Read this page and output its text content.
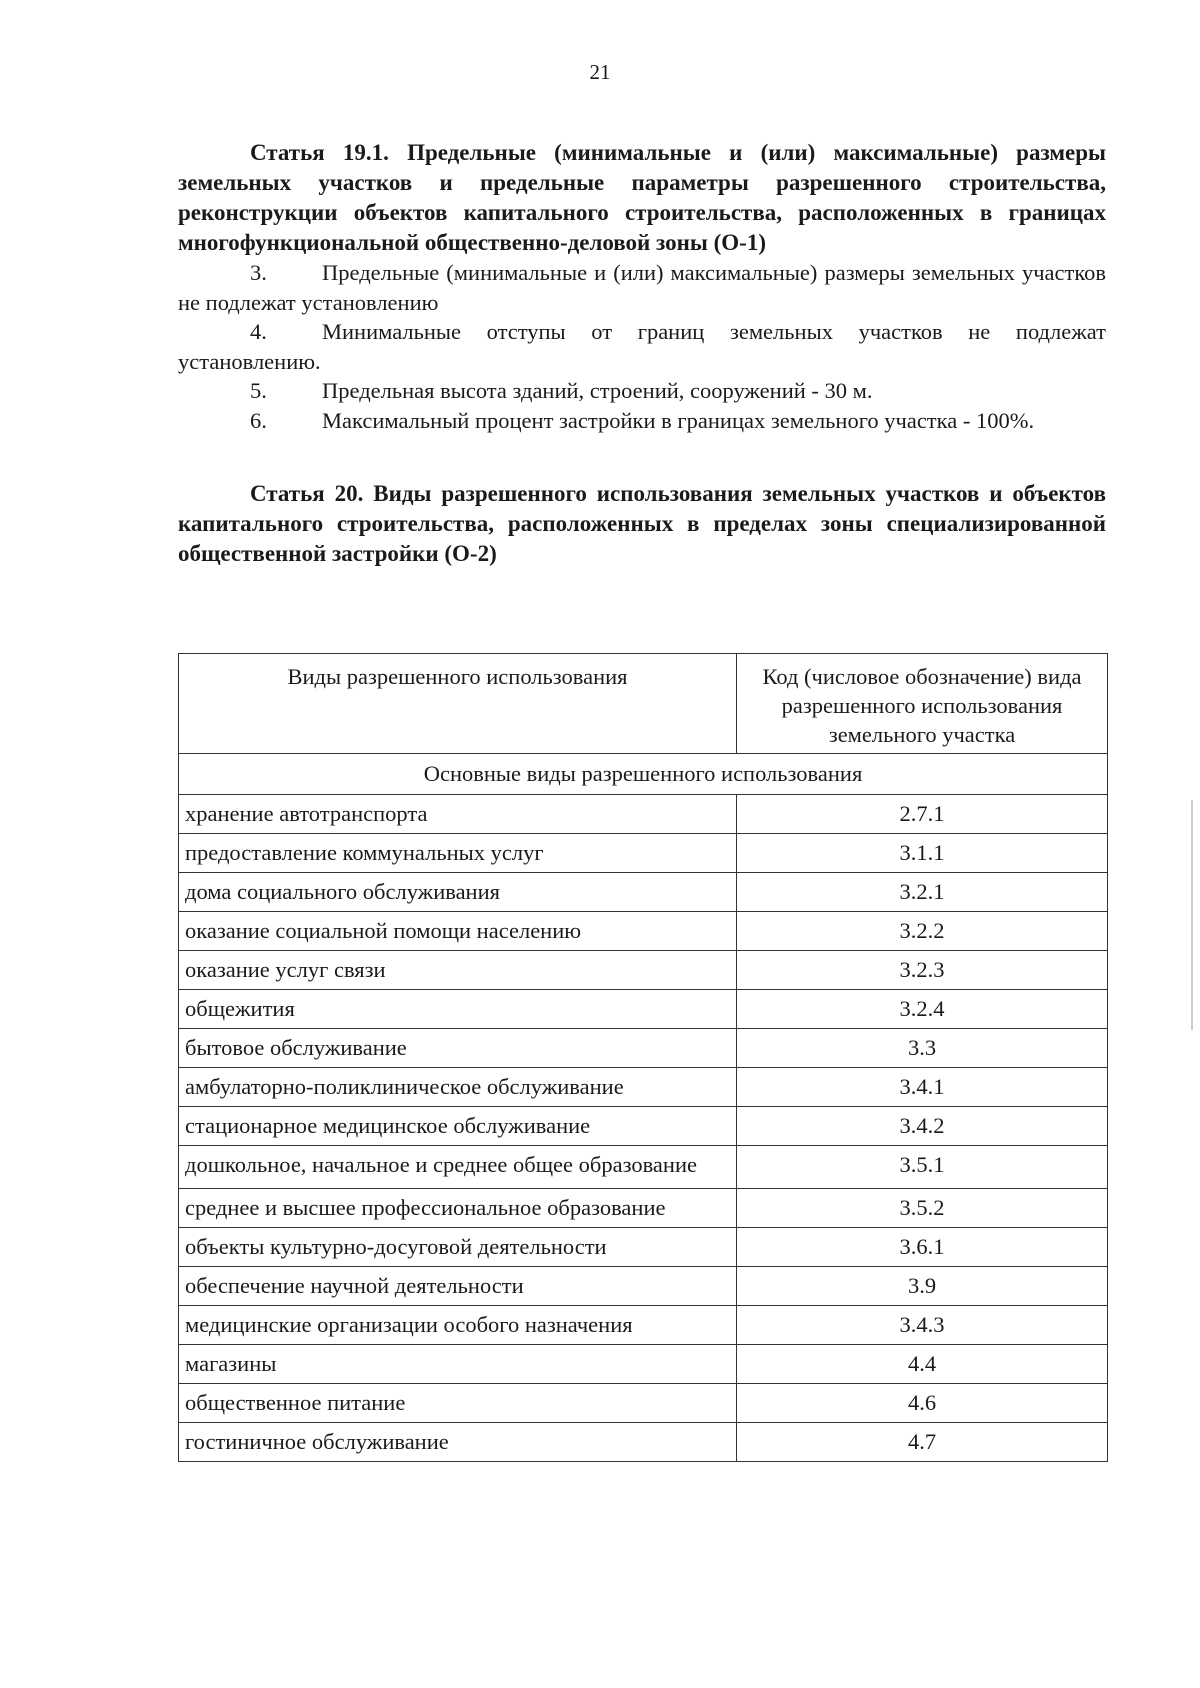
21

Статья 19.1. Предельные (минимальные и (или) максимальные) размеры земельных участков и предельные параметры разрешенного строительства, реконструкции объектов капитального строительства, расположенных в границах многофункциональной общественно-деловой зоны (О-1)

3. Предельные (минимальные и (или) максимальные) размеры земельных участков не подлежат установлению

4. Минимальные отступы от границ земельных участков не подлежат установлению.

5. Предельная высота зданий, строений, сооружений - 30 м.

6. Максимальный процент застройки в границах земельного участка - 100%.

Статья 20. Виды разрешенного использования земельных участков и объектов капитального строительства, расположенных в пределах зоны специализированной общественной застройки (О-2)

Виды разрешенного использования	Код (числовое обозначение) вида разрешенного использования земельного участка
Основные виды разрешенного использования	
хранение автотранспорта	2.7.1
предоставление коммунальных услуг	3.1.1
дома социального обслуживания	3.2.1
оказание социальной помощи населению	3.2.2
оказание услуг связи	3.2.3
общежития	3.2.4
бытовое обслуживание	3.3
амбулаторно-поликлиническое обслуживание	3.4.1
стационарное медицинское обслуживание	3.4.2
дошкольное, начальное и среднее общее образование	3.5.1
среднее и высшее профессиональное образование	3.5.2
объекты культурно-досуговой деятельности	3.6.1
обеспечение научной деятельности	3.9
медицинские организации особого назначения	3.4.3
магазины	4.4
общественное питание	4.6
гостиничное обслуживание	4.7
